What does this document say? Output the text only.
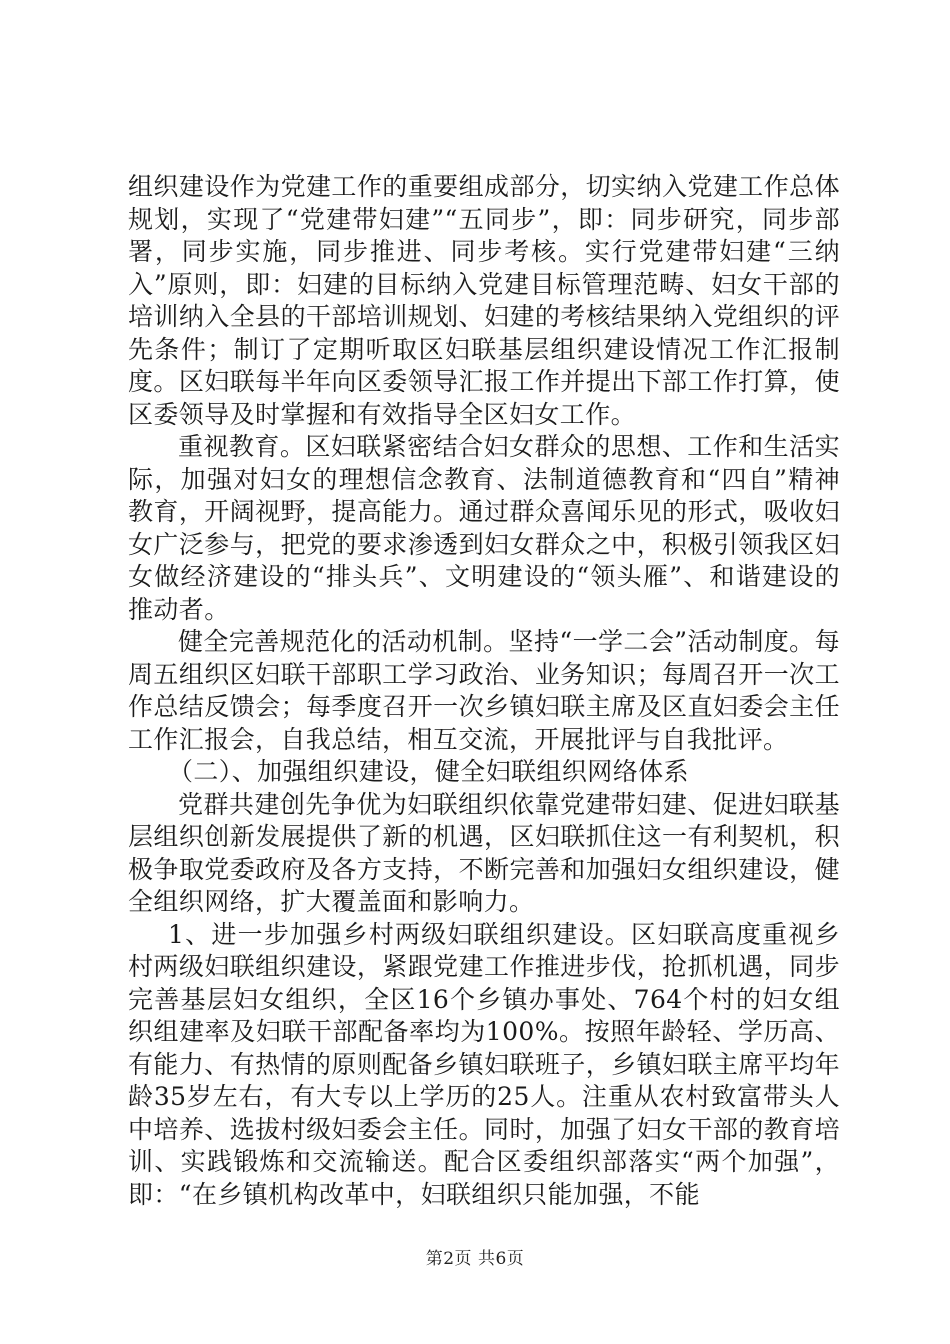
组织建设作为党建工作的重要组成部分，切实纳入党建工作总体规划，实现了“党建带妇建”“五同步”，即：同步研究，同步部署，同步实施，同步推进、同步考核。实行党建带妇建“三纳入”原则，即：妇建的目标纳入党建目标管理范畴、妇女干部的培训纳入全县的干部培训规划、妇建的考核结果纳入党组织的评先条件；制订了定期听取区妇联基层组织建设情况工作汇报制度。区妇联每半年向区委领导汇报工作并提出下部工作打算，使区委领导及时掌握和有效指导全区妇女工作。

重视教育。区妇联紧密结合妇女群众的思想、工作和生活实际，加强对妇女的理想信念教育、法制道德教育和“四自”精神教育，开阔视野，提高能力。通过群众喜闻乐见的形式，吸收妇女广泛参与，把党的要求渗透到妇女群众之中，积极引领我区妇女做经济建设的“排头兵”、文明建设的“领头雁”、和谐建设的推动者。

健全完善规范化的活动机制。坚持“一学二会”活动制度。每周五组织区妇联干部职工学习政治、业务知识；每周召开一次工作总结反馈会；每季度召开一次乡镇妇联主席及区直妇委会主任工作汇报会，自我总结，相互交流，开展批评与自我批评。

（二）、加强组织建设，健全妇联组织网络体系

党群共建创先争优为妇联组织依靠党建带妇建、促进妇联基层组织创新发展提供了新的机遇，区妇联抓住这一有利契机，积极争取党委政府及各方支持，不断完善和加强妇女组织建设，健全组织网络，扩大覆盖面和影响力。

1、进一步加强乡村两级妇联组织建设。区妇联高度重视乡村两级妇联组织建设，紧跟党建工作推进步伐，抢抓机遇，同步完善基层妇女组织，全区16个乡镇办事处、764个村的妇女组织组建率及妇联干部配备率均为100%。按照年龄轻、学历高、有能力、有热情的原则配备乡镇妇联班子，乡镇妇联主席平均年龄35岁左右，有大专以上学历的25人。注重从农村致富带头人中培养、选拔村级妇委会主任。同时，加强了妇女干部的教育培训、实践锻炼和交流输送。配合区委组织部落实“两个加强”，即：“在乡镇机构改革中，妇联组织只能加强，不能

第2页 共6页
